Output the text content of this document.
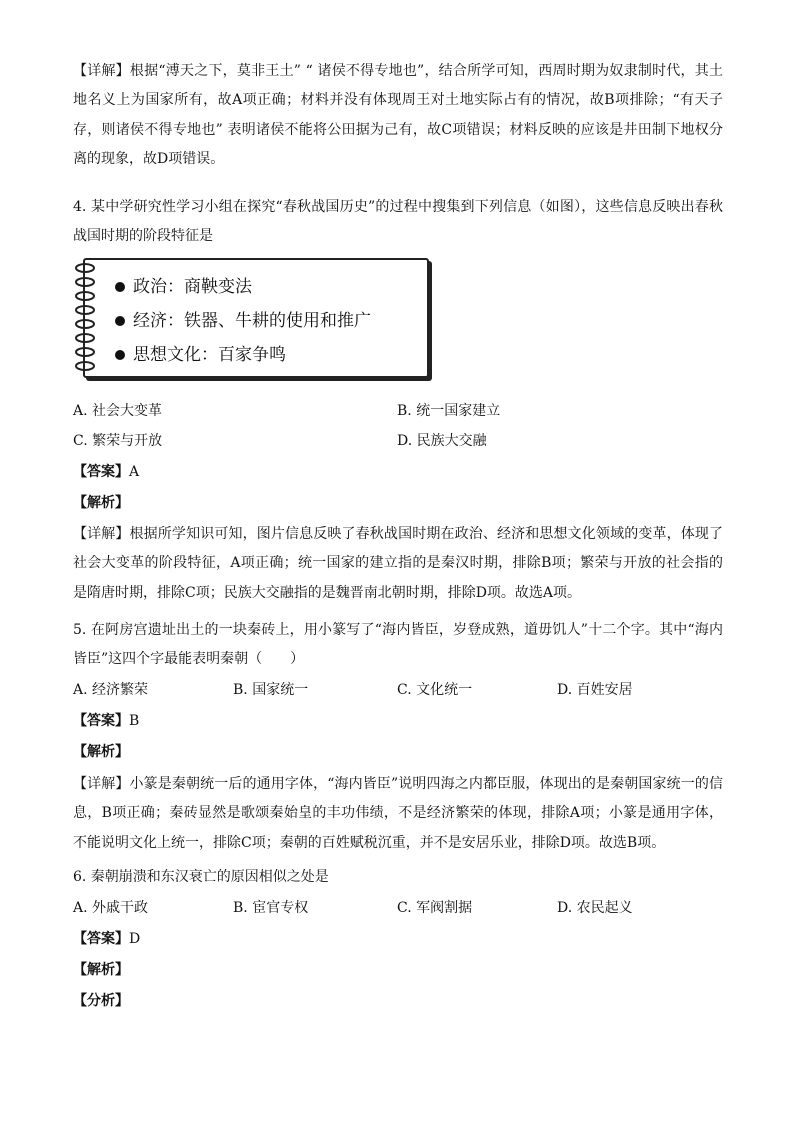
【详解】根据“溥天之下，莫非王土” “ 诸侯不得专地也”，结合所学可知，西周时期为奴隶制时代，其土地名义上为国家所有，故A项正确；材料并没有体现周王对土地实际占有的情况，故B项排除；“有天子存，则诸侯不得专地也” 表明诸侯不能将公田据为己有，故C项错误；材料反映的应该是井田制下地权分离的现象，故D项错误。
4. 某中学研究性学习小组在探究“春秋战国历史”的过程中搜集到下列信息（如图），这些信息反映出春秋战国时期的阶段特征是
政治：商鞅变法
经济：铁器、牛耕的使用和推广
思想文化：百家争鸣
A. 社会大变革	B. 统一国家建立
C. 繁荣与开放	D. 民族大交融
【答案】A
【解析】
【详解】根据所学知识可知，图片信息反映了春秋战国时期在政治、经济和思想文化领域的变革，体现了社会大变革的阶段特征，A项正确；统一国家的建立指的是秦汉时期，排除B项；繁荣与开放的社会指的是隋唐时期，排除C项；民族大交融指的是魏晋南北朝时期，排除D项。故选A项。
5. 在阿房宫遗址出土的一块秦砖上，用小篆写了“海内皆臣，岁登成熟，道毋饥人”十二个字。其中“海内皆臣”这四个字最能表明秦朝（　　）
A. 经济繁荣	B. 国家统一	C. 文化统一	D. 百姓安居
【答案】B
【解析】
【详解】小篆是秦朝统一后的通用字体，“海内皆臣”说明四海之内都臣服，体现出的是秦朝国家统一的信息，B项正确；秦砖显然是歌颂秦始皇的丰功伟绩，不是经济繁荣的体现，排除A项；小篆是通用字体，不能说明文化上统一，排除C项；秦朝的百姓赋税沉重，并不是安居乐业，排除D项。故选B项。
6. 秦朝崩溃和东汉衰亡的原因相似之处是
A. 外戚干政	B. 宦官专权	C. 军阀割据	D. 农民起义
【答案】D
【解析】
【分析】
